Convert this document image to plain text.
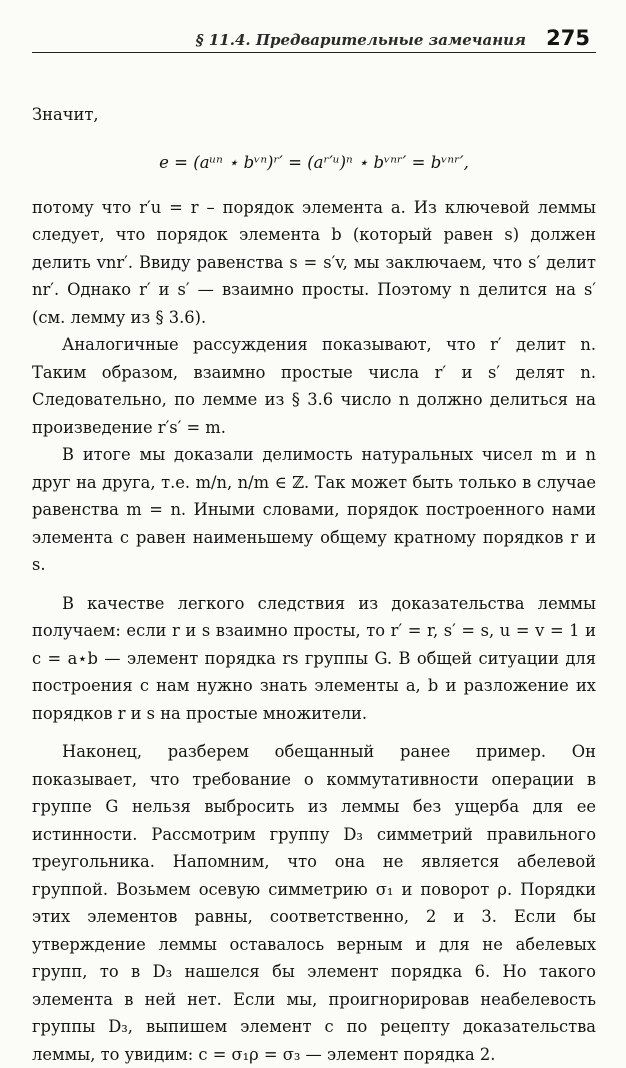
§ 11.4. Предварительные замечания 275

Значит,

e = (aᵘⁿ ⋆ bᵛⁿ)ʳ′ = (aʳ′ᵘ)ⁿ ⋆ bᵛⁿʳ′ = bᵛⁿʳ′,

потому что r′u = r – порядок элемента a. Из ключевой леммы следует, что порядок элемента b (который равен s) должен делить vnr′. Ввиду равенства s = s′v, мы заключаем, что s′ делит nr′. Однако r′ и s′ — взаимно просты. Поэтому n делится на s′ (см. лемму из § 3.6).

Аналогичные рассуждения показывают, что r′ делит n. Таким образом, взаимно простые числа r′ и s′ делят n. Следовательно, по лемме из § 3.6 число n должно делиться на произведение r′s′ = m.

В итоге мы доказали делимость натуральных чисел m и n друг на друга, т.е. m/n, n/m ∈ ℤ. Так может быть только в случае равенства m = n. Иными словами, порядок построенного нами элемента c равен наименьшему общему кратному порядков r и s.

В качестве легкого следствия из доказательства леммы получаем: если r и s взаимно просты, то r′ = r, s′ = s, u = v = 1 и c = a⋆b — элемент порядка rs группы G. В общей ситуации для построения c нам нужно знать элементы a, b и разложение их порядков r и s на простые множители.

Наконец, разберем обещанный ранее пример. Он показывает, что требование о коммутативности операции в группе G нельзя выбросить из леммы без ущерба для ее истинности. Рассмотрим группу D₃ симметрий правильного треугольника. Напомним, что она не является абелевой группой. Возьмем осевую симметрию σ₁ и поворот ρ. Порядки этих элементов равны, соответственно, 2 и 3. Если бы утверждение леммы оставалось верным и для не абелевых групп, то в D₃ нашелся бы элемент порядка 6. Но такого элемента в ней нет. Если мы, проигнорировав неабелевость группы D₃, выпишем элемент c по рецепту доказательства леммы, то увидим: c = σ₁ρ = σ₃ — элемент порядка 2.
